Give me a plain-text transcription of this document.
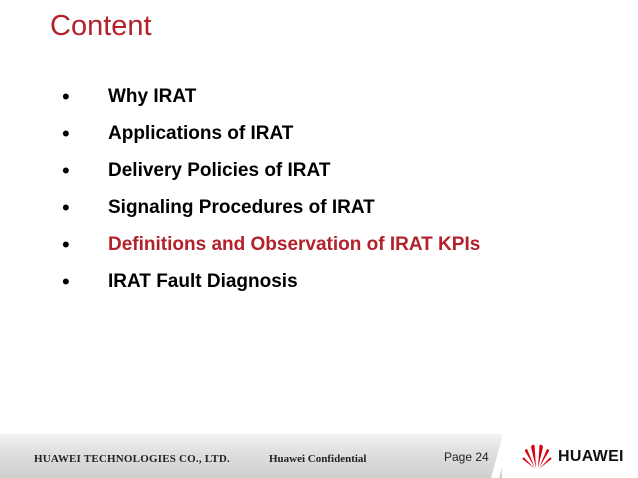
Content
• Why IRAT
• Applications of IRAT
• Delivery Policies of IRAT
• Signaling Procedures of IRAT
• Definitions and Observation of IRAT KPIs
• IRAT Fault Diagnosis
HUAWEI TECHNOLOGIES CO., LTD.	Huawei Confidential	Page 24	HUAWEI
